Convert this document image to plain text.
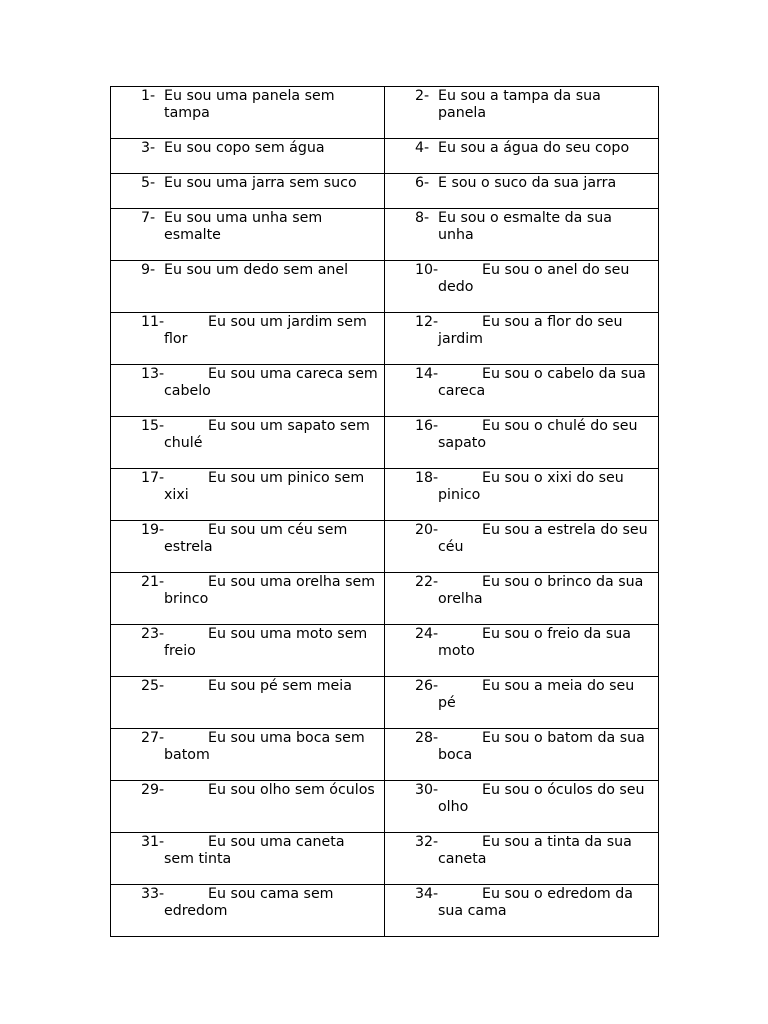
1- Eu sou uma panela sem tampa	2- Eu sou a tampa da sua panela

3- Eu sou copo sem água	4- Eu sou a água do seu copo

5- Eu sou uma jarra sem suco	6- E sou o suco da sua jarra

7- Eu sou uma unha sem esmalte	8- Eu sou o esmalte da sua unha

9- Eu sou um dedo sem anel	10- Eu sou o anel do seu dedo

11- Eu sou um jardim sem flor	12- Eu sou a flor do seu jardim

13- Eu sou uma careca sem cabelo	14- Eu sou o cabelo da sua careca

15- Eu sou um sapato sem chulé	16- Eu sou o chulé do seu sapato

17- Eu sou um pinico sem xixi	18- Eu sou o xixi do seu pinico

19- Eu sou um céu sem estrela	20- Eu sou a estrela do seu céu

21- Eu sou uma orelha sem brinco	22- Eu sou o brinco da sua orelha

23- Eu sou uma moto sem freio	24- Eu sou o freio da sua moto

25- Eu sou pé sem meia	26- Eu sou a meia do seu pé

27- Eu sou uma boca sem batom	28- Eu sou o batom da sua boca

29- Eu sou olho sem óculos	30- Eu sou o óculos do seu olho

31- Eu sou uma caneta sem tinta	32- Eu sou a tinta da sua caneta

33- Eu sou cama sem edredom	34- Eu sou o edredom da sua cama
